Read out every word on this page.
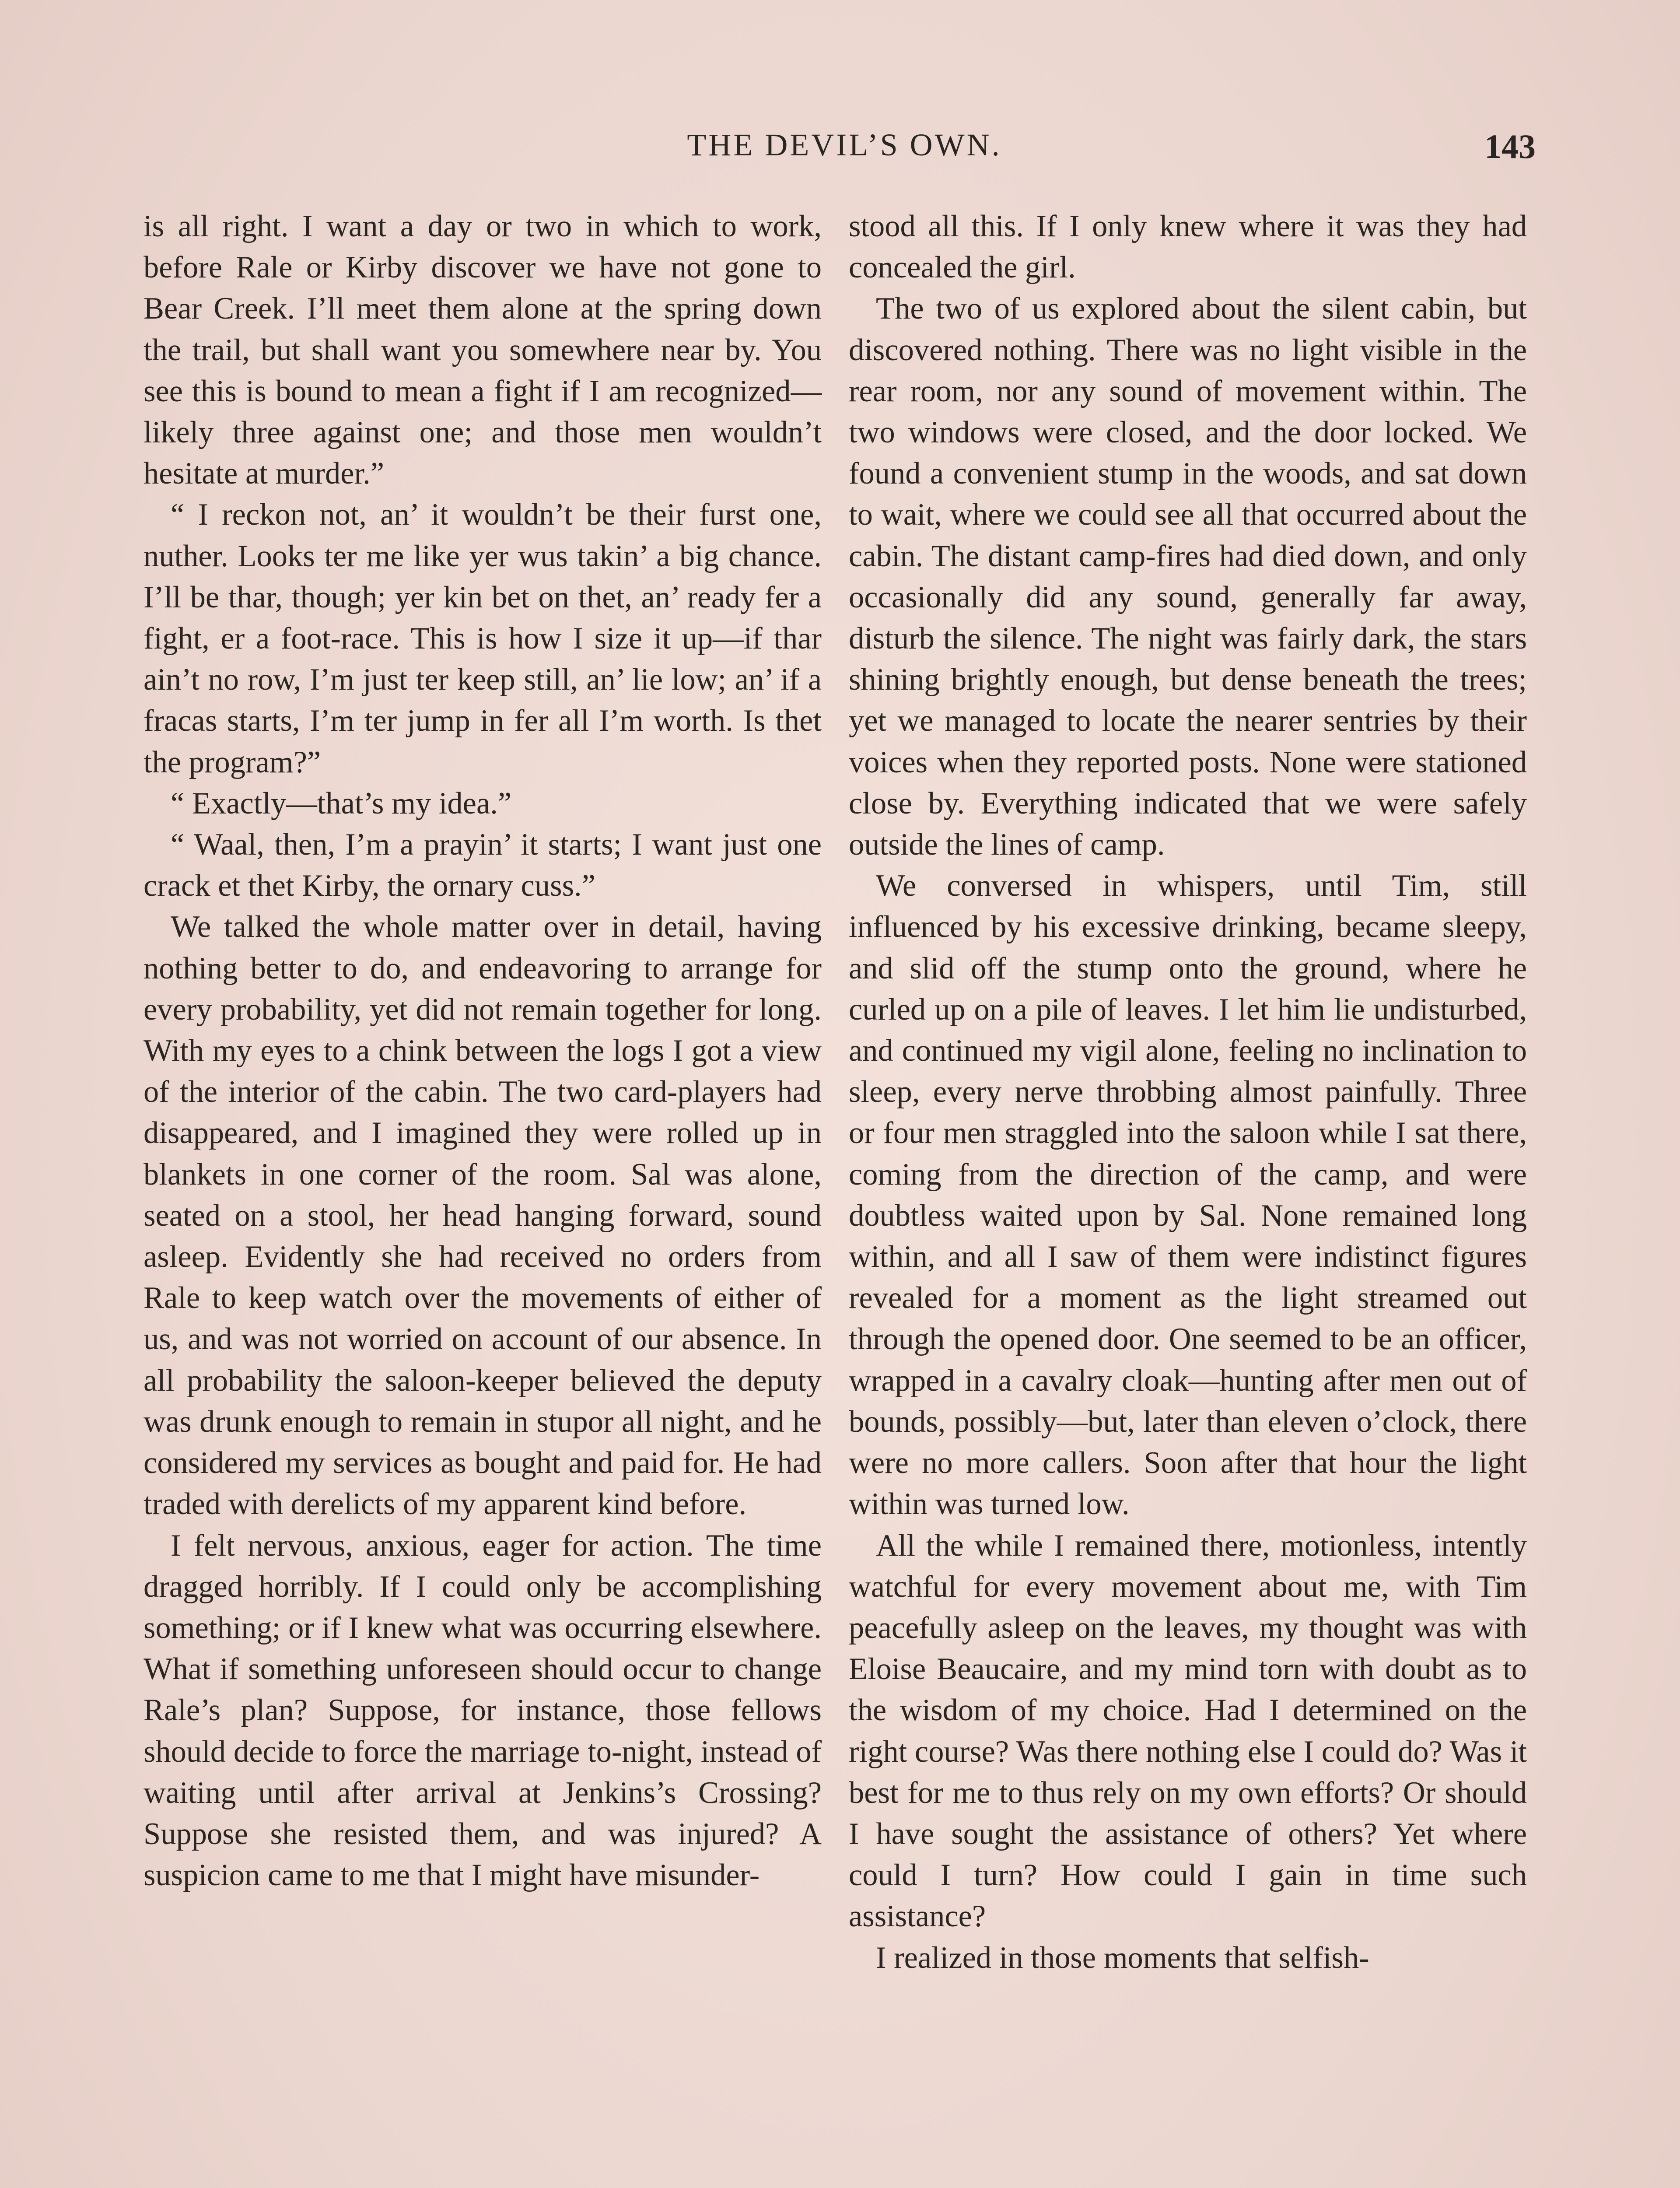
THE DEVIL’S OWN.	143

is all right. I want a day or two in which to work, before Rale or Kirby discover we have not gone to Bear Creek. I’ll meet them alone at the spring down the trail, but shall want you somewhere near by. You see this is bound to mean a fight if I am recognized—likely three against one; and those men wouldn’t hesitate at murder.”

“ I reckon not, an’ it wouldn’t be their furst one, nuther. Looks ter me like yer wus takin’ a big chance. I’ll be thar, though; yer kin bet on thet, an’ ready fer a fight, er a foot-race. This is how I size it up—if thar ain’t no row, I’m just ter keep still, an’ lie low; an’ if a fracas starts, I’m ter jump in fer all I’m worth. Is thet the program?”

“ Exactly—that’s my idea.”

“ Waal, then, I’m a prayin’ it starts; I want just one crack et thet Kirby, the ornary cuss.”

We talked the whole matter over in detail, having nothing better to do, and endeavoring to arrange for every probability, yet did not remain together for long. With my eyes to a chink between the logs I got a view of the interior of the cabin. The two card-players had disappeared, and I imagined they were rolled up in blankets in one corner of the room. Sal was alone, seated on a stool, her head hanging forward, sound asleep. Evidently she had received no orders from Rale to keep watch over the movements of either of us, and was not worried on account of our absence. In all probability the saloon-keeper believed the deputy was drunk enough to remain in stupor all night, and he considered my services as bought and paid for. He had traded with derelicts of my apparent kind before.

I felt nervous, anxious, eager for action. The time dragged horribly. If I could only be accomplishing something; or if I knew what was occurring elsewhere. What if something unforeseen should occur to change Rale’s plan? Suppose, for instance, those fellows should decide to force the marriage to-night, instead of waiting until after arrival at Jenkins’s Crossing? Suppose she resisted them, and was injured? A suspicion came to me that I might have misunder-

stood all this. If I only knew where it was they had concealed the girl.

The two of us explored about the silent cabin, but discovered nothing. There was no light visible in the rear room, nor any sound of movement within. The two windows were closed, and the door locked. We found a convenient stump in the woods, and sat down to wait, where we could see all that occurred about the cabin. The distant camp-fires had died down, and only occasionally did any sound, generally far away, disturb the silence. The night was fairly dark, the stars shining brightly enough, but dense beneath the trees; yet we managed to locate the nearer sentries by their voices when they reported posts. None were stationed close by. Everything indicated that we were safely outside the lines of camp.

We conversed in whispers, until Tim, still influenced by his excessive drinking, became sleepy, and slid off the stump onto the ground, where he curled up on a pile of leaves. I let him lie undisturbed, and continued my vigil alone, feeling no inclination to sleep, every nerve throbbing almost painfully. Three or four men straggled into the saloon while I sat there, coming from the direction of the camp, and were doubtless waited upon by Sal. None remained long within, and all I saw of them were indistinct figures revealed for a moment as the light streamed out through the opened door. One seemed to be an officer, wrapped in a cavalry cloak—hunting after men out of bounds, possibly—but, later than eleven o’clock, there were no more callers. Soon after that hour the light within was turned low.

All the while I remained there, motionless, intently watchful for every movement about me, with Tim peacefully asleep on the leaves, my thought was with Eloise Beaucaire, and my mind torn with doubt as to the wisdom of my choice. Had I determined on the right course? Was there nothing else I could do? Was it best for me to thus rely on my own efforts? Or should I have sought the assistance of others? Yet where could I turn? How could I gain in time such assistance?

I realized in those moments that selfish-
